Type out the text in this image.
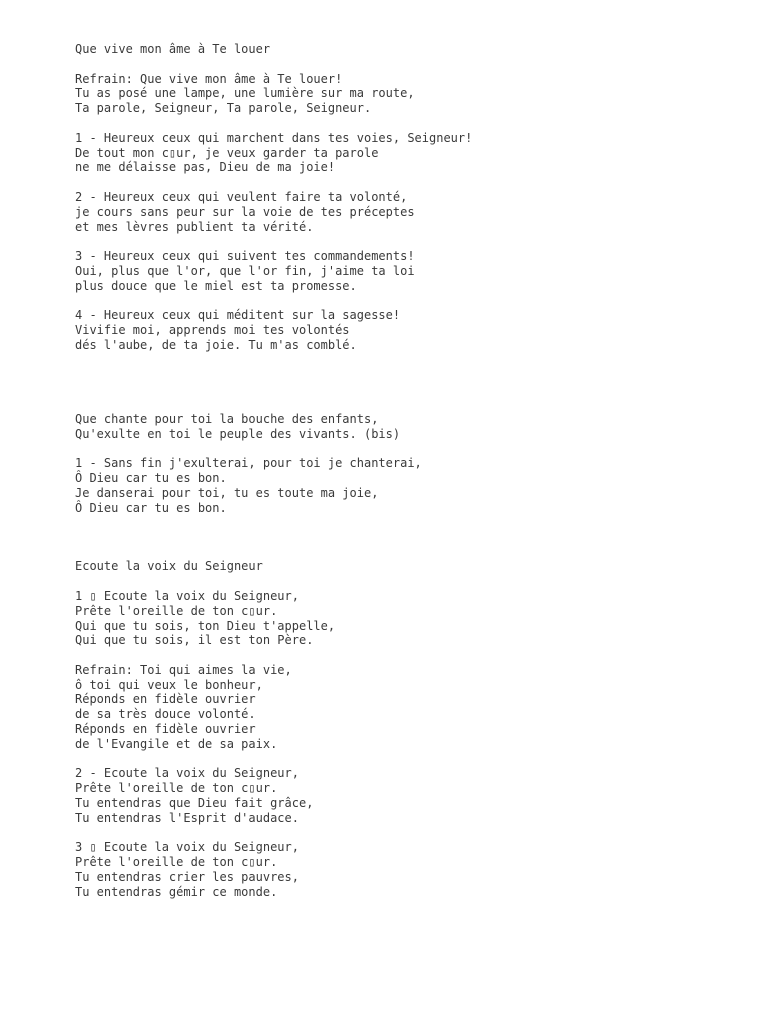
Que vive mon âme à Te louer
Refrain: Que vive mon âme à Te louer!
Tu as posé une lampe, une lumière sur ma route,
Ta parole, Seigneur, Ta parole, Seigneur.
1 - Heureux ceux qui marchent dans tes voies, Seigneur!
De tout mon c▯ur, je veux garder ta parole
ne me délaisse pas, Dieu de ma joie!
2 - Heureux ceux qui veulent faire ta volonté,
je cours sans peur sur la voie de tes préceptes
et mes lèvres publient ta vérité.
3 - Heureux ceux qui suivent tes commandements!
Oui, plus que l'or, que l'or fin, j'aime ta loi
plus douce que le miel est ta promesse.
4 - Heureux ceux qui méditent sur la sagesse!
Vivifie moi, apprends moi tes volontés
dés l'aube, de ta joie. Tu m'as comblé.
Que chante pour toi la bouche des enfants,
Qu'exulte en toi le peuple des vivants. (bis)
1 - Sans fin j'exulterai, pour toi je chanterai,
Ô Dieu car tu es bon.
Je danserai pour toi, tu es toute ma joie,
Ô Dieu car tu es bon.
Ecoute la voix du Seigneur
1 ▯ Ecoute la voix du Seigneur,
Prête l'oreille de ton c▯ur.
Qui que tu sois, ton Dieu t'appelle,
Qui que tu sois, il est ton Père.
Refrain: Toi qui aimes la vie,
ô toi qui veux le bonheur,
Réponds en fidèle ouvrier
de sa très douce volonté.
Réponds en fidèle ouvrier
de l'Evangile et de sa paix.
2 - Ecoute la voix du Seigneur,
Prête l'oreille de ton c▯ur.
Tu entendras que Dieu fait grâce,
Tu entendras l'Esprit d'audace.
3 ▯ Ecoute la voix du Seigneur,
Prête l'oreille de ton c▯ur.
Tu entendras crier les pauvres,
Tu entendras gémir ce monde.
